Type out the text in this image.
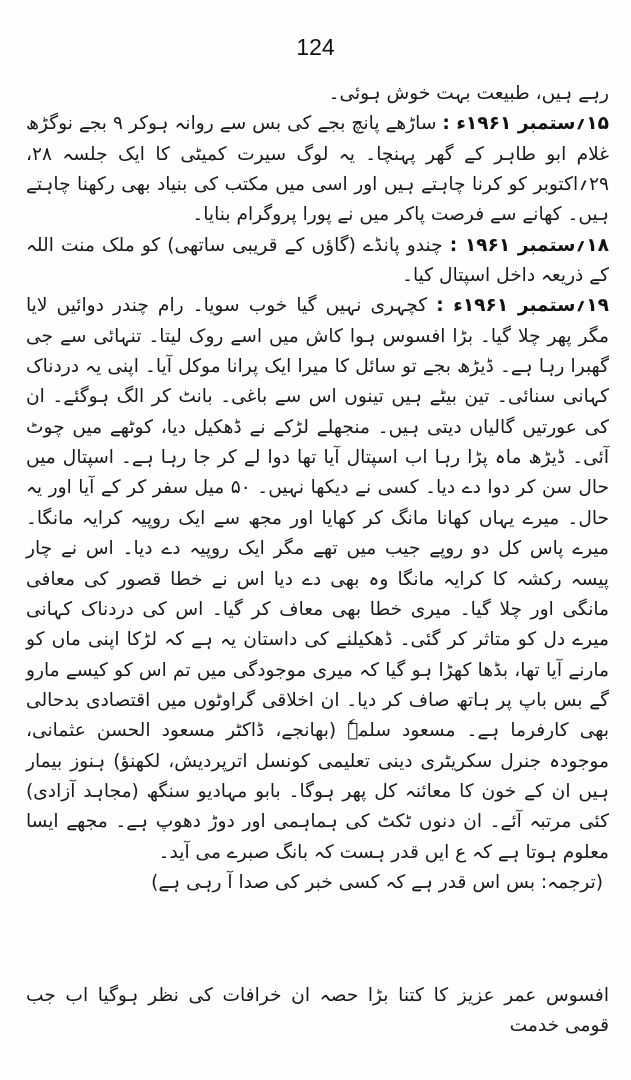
124

رہے ہیں، طبیعت بہت خوش ہوئی۔

۱۵؍ستمبر ۱۹۶۱ء : ساڑھے پانچ بجے کی بس سے روانہ ہوکر ۹ بجے نوگڑھ غلام ابو طاہر کے گھر پہنچا۔ یہ لوگ سیرت کمیٹی کا ایک جلسہ ۲۸، ۲۹؍اکتوبر کو کرنا چاہتے ہیں اور اسی میں مکتب کی بنیاد بھی رکھنا چاہتے ہیں۔ کھانے سے فرصت پاکر میں نے پورا پروگرام بنایا۔

۱۸؍ستمبر ۱۹۶۱ : چندو پانڈے (گاؤں کے قریبی ساتھی) کو ملک منت اللہ کے ذریعہ داخل اسپتال کیا۔

۱۹؍ستمبر ۱۹۶۱ء : کچہری نہیں گیا خوب سویا۔ رام چندر دوائیں لایا مگر پھر چلا گیا۔ بڑا افسوس ہوا کاش میں اسے روک لیتا۔ تنہائی سے جی گھبرا رہا ہے۔ ڈیڑھ بجے تو سائل کا میرا ایک پرانا موکل آیا۔ اپنی یہ دردناک کہانی سنائی۔ تین بیٹے ہیں تینوں اس سے باغی۔ بانٹ کر الگ ہوگئے۔ ان کی عورتیں گالیاں دیتی ہیں۔ منجھلے لڑکے نے ڈھکیل دیا، کوٹھے میں چوٹ آئی۔ ڈیڑھ ماہ پڑا رہا اب اسپتال آیا تھا دوا لے کر جا رہا ہے۔ اسپتال میں حال سن کر دوا دے دیا۔ کسی نے دیکھا نہیں۔ ۵۰ میل سفر کر کے آیا اور یہ حال۔ میرے یہاں کھانا مانگ کر کھایا اور مجھ سے ایک روپیہ کرایہ مانگا۔ میرے پاس کل دو روپے جیب میں تھے مگر ایک روپیہ دے دیا۔ اس نے چار پیسہ رکشہ کا کرایہ مانگا وہ بھی دے دیا اس نے خطا قصور کی معافی مانگی اور چلا گیا۔ میری خطا بھی معاف کر گیا۔ اس کی دردناک کہانی میرے دل کو متاثر کر گئی۔ ڈھکیلنے کی داستان یہ ہے کہ لڑکا اپنی ماں کو مارنے آیا تھا، بڈھا کھڑا ہو گیا کہ میری موجودگی میں تم اس کو کیسے مارو گے بس باپ پر ہاتھ صاف کر دیا۔ ان اخلاقی گراوٹوں میں اقتصادی بدحالی بھی کارفرما ہے۔ مسعود سلمہٗ (بھانجے، ڈاکٹر مسعود الحسن عثمانی، موجودہ جنرل سکریٹری دینی تعلیمی کونسل اترپردیش، لکھنؤ) ہنوز بیمار ہیں ان کے خون کا معائنہ کل پھر ہوگا۔ بابو مہادیو سنگھ (مجاہد آزادی) کئی مرتبہ آئے۔ ان دنوں ٹکٹ کی ہماہمی اور دوڑ دھوپ ہے۔ مجھے ایسا معلوم ہوتا ہے کہ ع ایں قدر ہست کہ بانگ صبرے می آید۔

(ترجمہ: بس اس قدر ہے کہ کسی خبر کی صدا آ رہی ہے)

افسوس عمر عزیز کا کتنا بڑا حصہ ان خرافات کی نظر ہوگیا اب جب قومی خدمت
